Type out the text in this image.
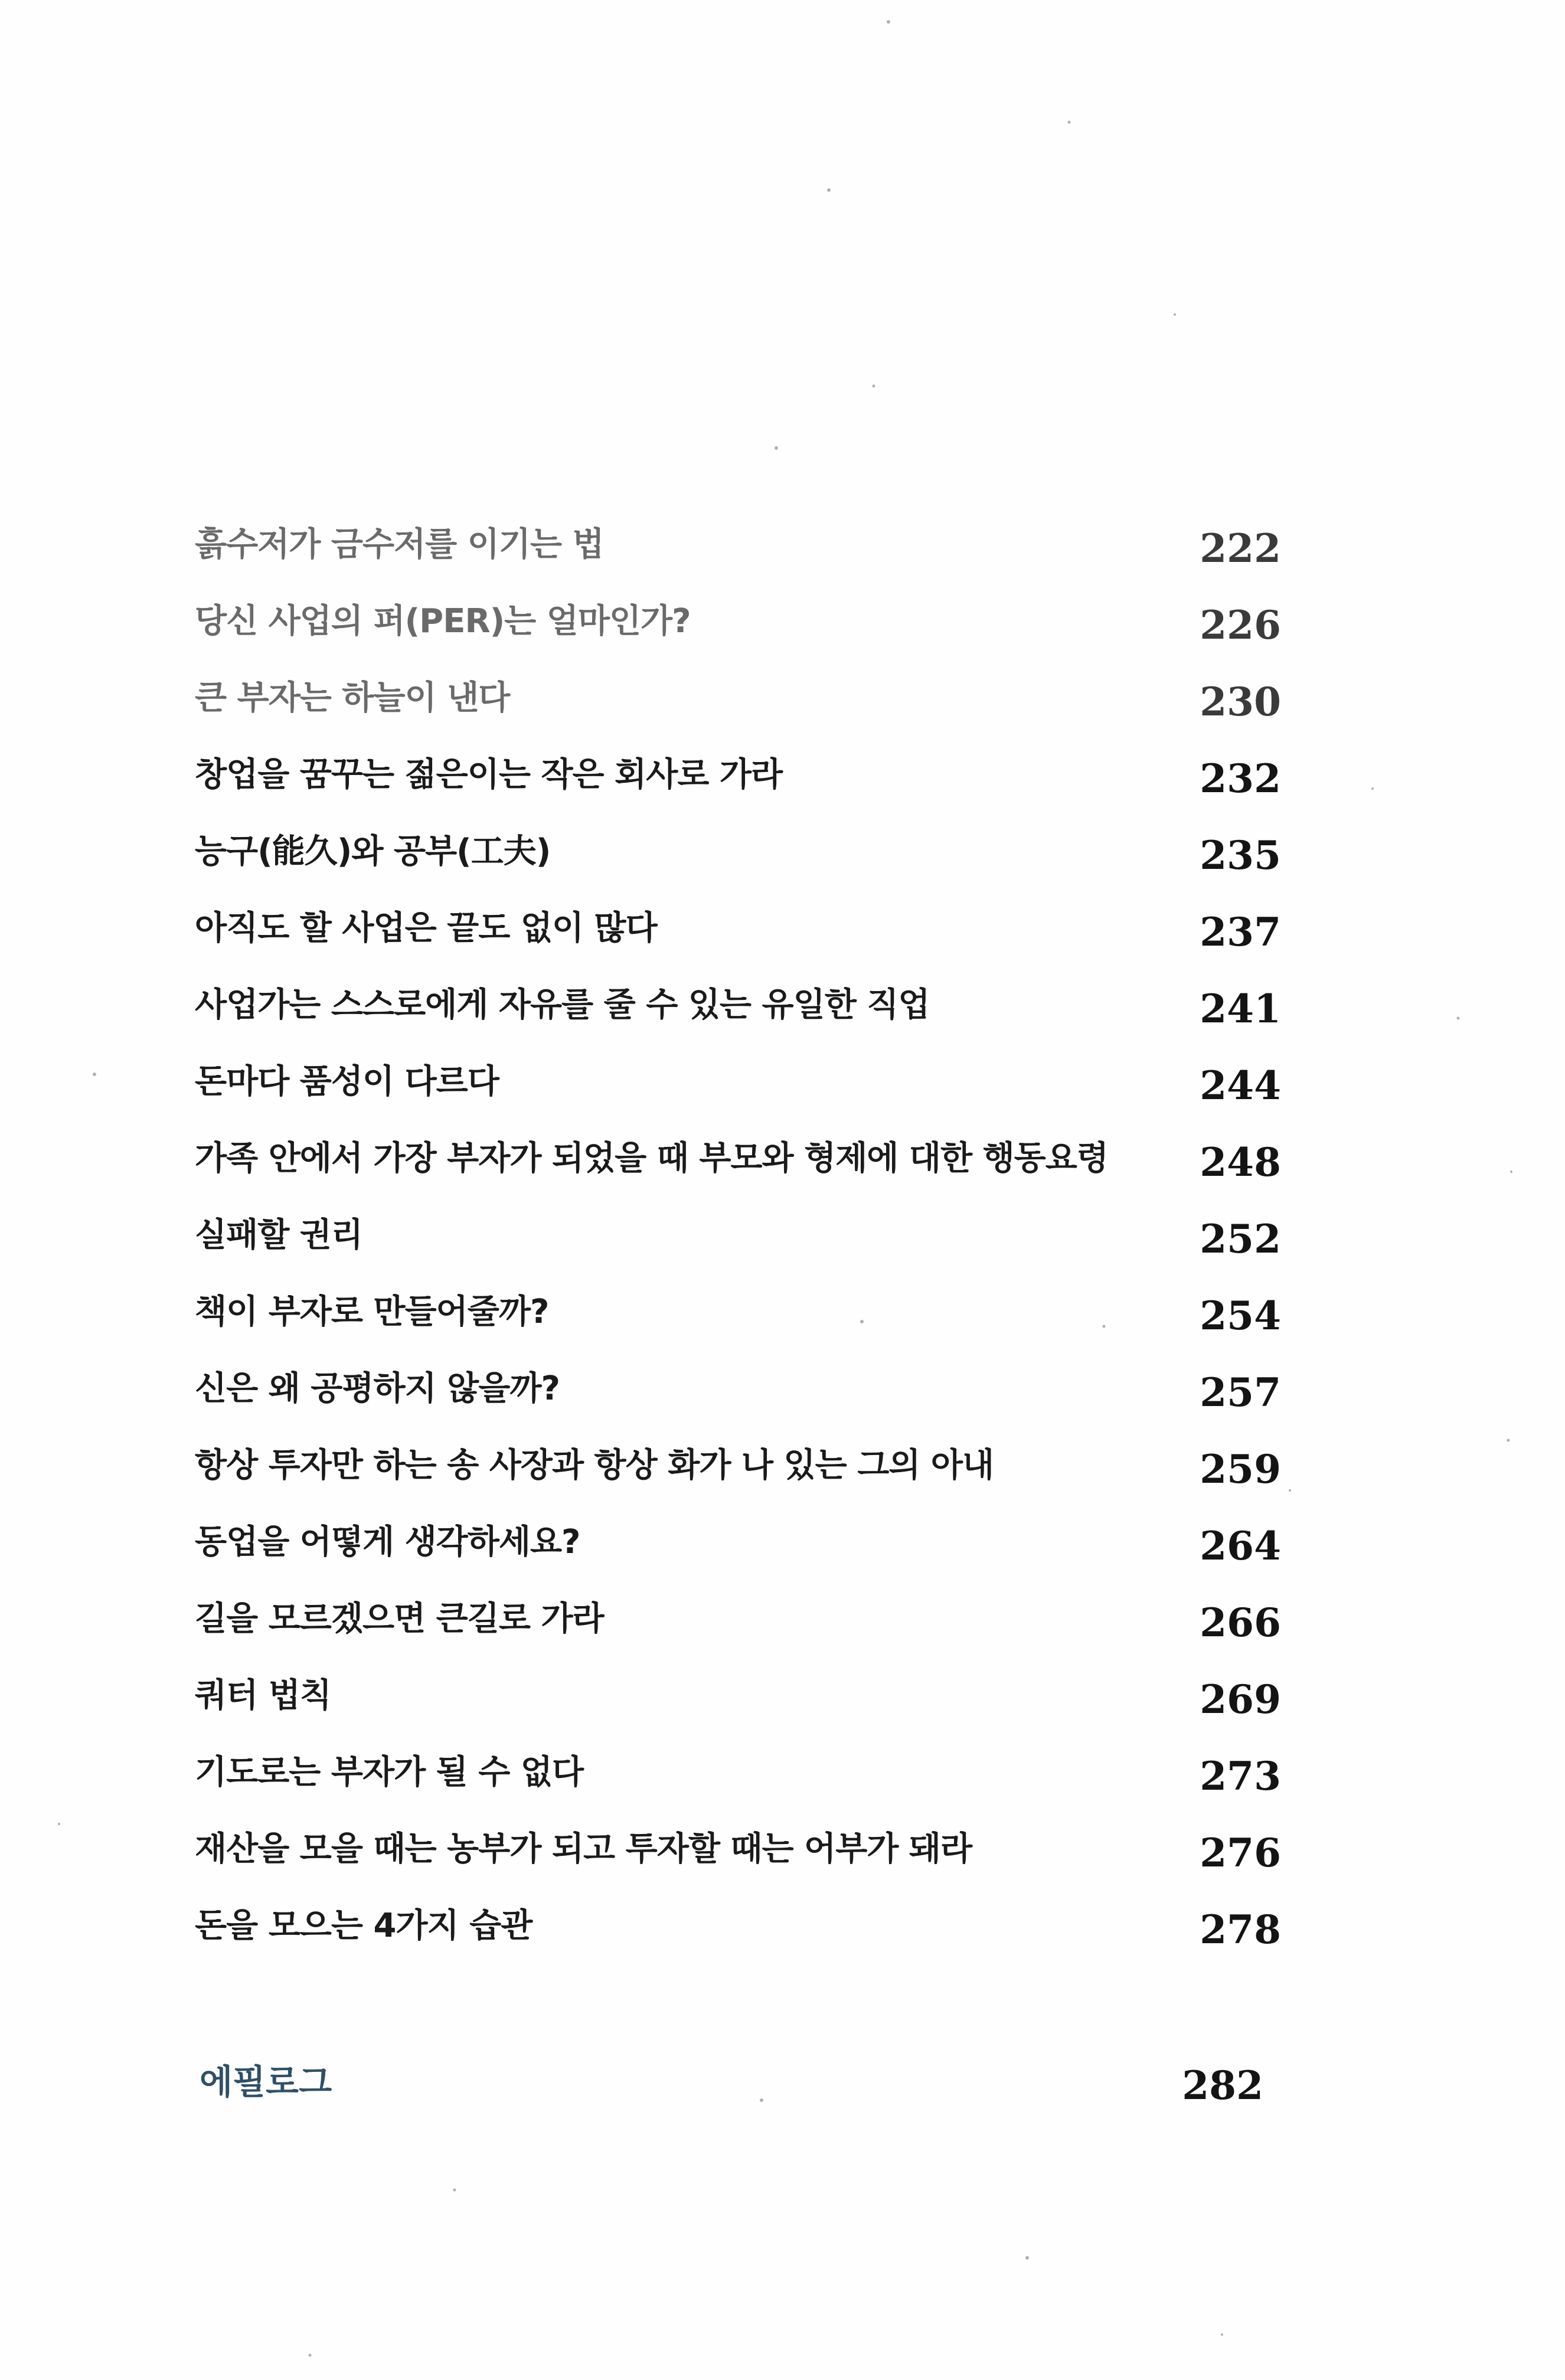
흙수저가 금수저를 이기는 법	222
당신 사업의 퍼(PER)는 얼마인가?	226
큰 부자는 하늘이 낸다	230
창업을 꿈꾸는 젊은이는 작은 회사로 가라	232
능구(能久)와 공부(工夫)	235
아직도 할 사업은 끝도 없이 많다	237
사업가는 스스로에게 자유를 줄 수 있는 유일한 직업	241
돈마다 품성이 다르다	244
가족 안에서 가장 부자가 되었을 때 부모와 형제에 대한 행동요령 248
실패할 권리	252
책이 부자로 만들어줄까?	254
신은 왜 공평하지 않을까?	257
항상 투자만 하는 송 사장과 항상 화가 나 있는 그의 아내	259
동업을 어떻게 생각하세요?	264
길을 모르겠으면 큰길로 가라	266
쿼터 법칙	269
기도로는 부자가 될 수 없다	273
재산을 모을 때는 농부가 되고 투자할 때는 어부가 돼라	276
돈을 모으는 4가지 습관	278
에필로그	282
